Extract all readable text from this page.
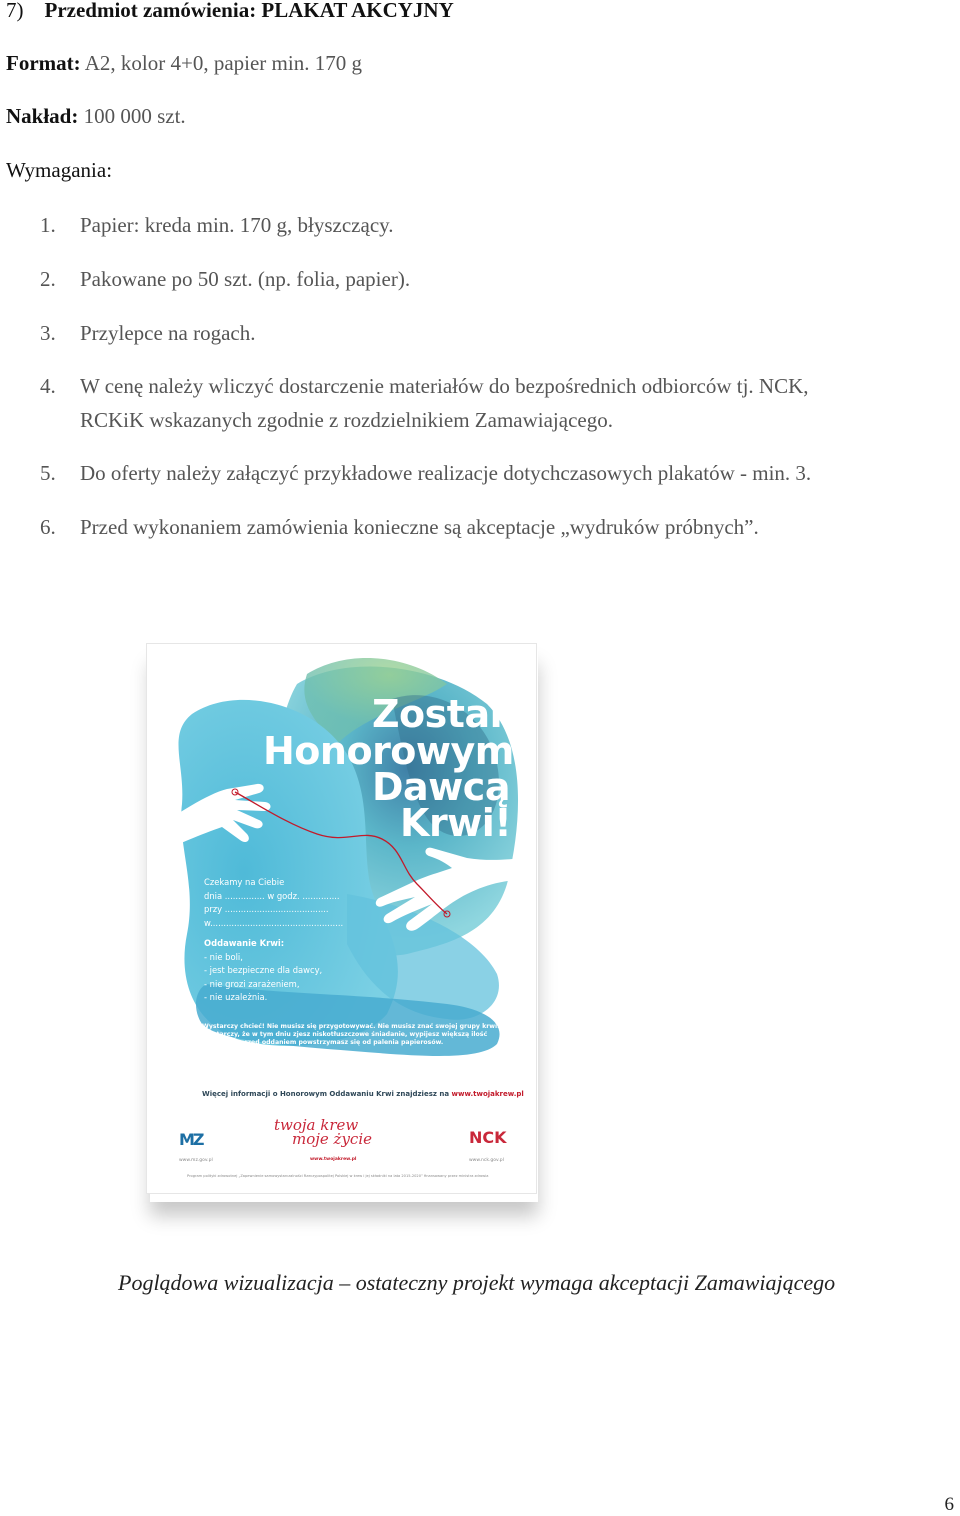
7) Przedmiot zamówienia: PLAKAT AKCYJNY
Format: A2, kolor 4+0, papier min. 170 g
Nakład: 100 000 szt.
Wymagania:
1. Papier: kreda min. 170 g, błyszczący.
2. Pakowane po 50 szt. (np. folia, papier).
3. Przylepce na rogach.
4. W cenę należy wliczyć dostarczenie materiałów do bezpośrednich odbiorców tj. NCK,
RCKiK wskazanych zgodnie z rozdzielnikiem Zamawiającego.
5. Do oferty należy załączyć przykładowe realizacje dotychczasowych plakatów - min. 3.
6. Przed wykonaniem zamówienia konieczne są akceptacje „wydruków próbnych”.
Zostań
Honorowym
Dawcą
Krwi!
Czekamy na Ciebie
dnia ............... w godz. ..............
przy .......................................
w..................................................
Oddawanie Krwi:
- nie boli,
- jest bezpieczne dla dawcy,
- nie grozi zarażeniem,
- nie uzależnia.
Wystarczy chcieć! Nie musisz się przygotowywać. Nie musisz znać swojej grupy krwi.
Wystarczy, że w tym dniu zjesz niskotłuszczowe śniadanie, wypijesz większą ilość
wody i tuż przed oddaniem powstrzymasz się od palenia papierosów.
Łączy nas krew, która ratuje życie.
Więcej informacji o Honorowym Oddawaniu Krwi znajdziesz na www.twojakrew.pl
MZ
www.mz.gov.pl
twoja krew
moje życie
www.twojakrew.pl
NCK
www.nck.gov.pl
Program polityki zdrowotnej „Zapewnienie samowystarczalności Rzeczypospolitej Polskiej w krew i jej składniki na lata 2015-2020” finansowany przez ministra zdrowia
Poglądowa wizualizacja – ostateczny projekt wymaga akceptacji Zamawiającego
6
